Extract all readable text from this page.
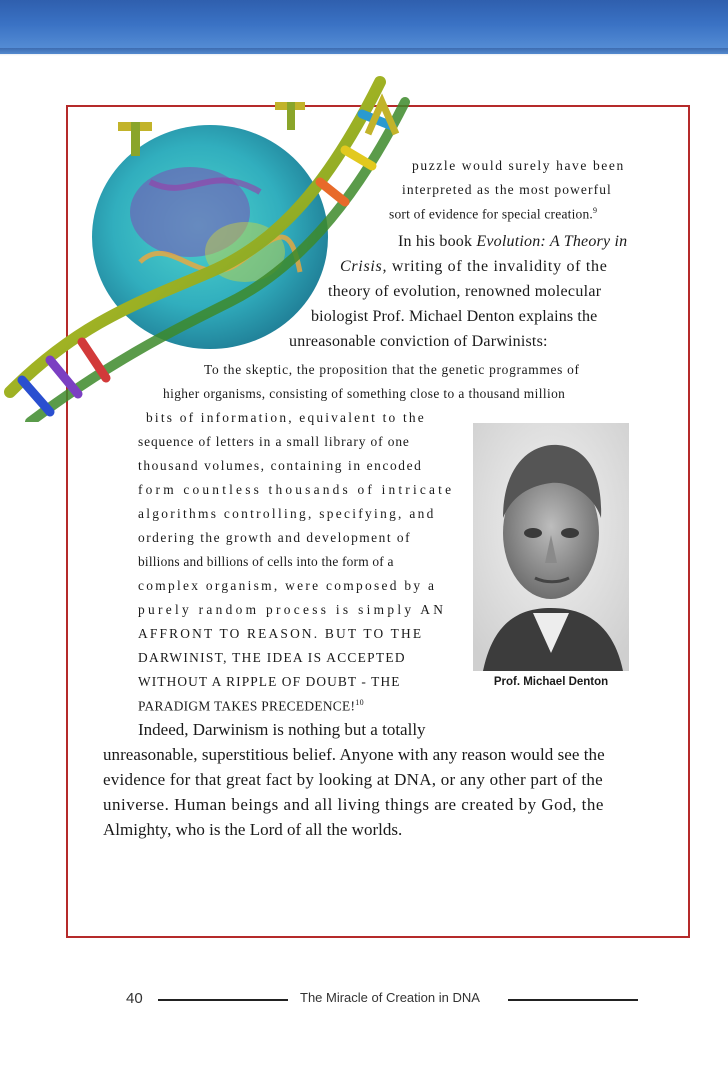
puzzle would surely have been
interpreted as the most powerful
sort of evidence for special creation.$^9$
In his book Evolution: A Theory in
Crisis, writing of the invalidity of the
theory of evolution, renowned molecular
biologist Prof. Michael Denton explains the
unreasonable conviction of Darwinists:
To the skeptic, the proposition that the genetic programmes of
higher organisms, consisting of something close to a thousand million
bits of information, equivalent to the
sequence of letters in a small library of one
thousand volumes, containing in encoded
form countless thousands of intricate
algorithms controlling, specifying, and
ordering the growth and development of
billions and billions of cells into the form of a
complex organism, were composed by a
purely random process is simply AN
AFFRONT TO REASON. BUT TO THE
DARWINIST, THE IDEA IS ACCEPTED
WITHOUT A RIPPLE OF DOUBT - THE
PARADIGM TAKES PRECEDENCE!$^{10}$
Prof. Michael Denton
Indeed, Darwinism is nothing but a totally
unreasonable, superstitious belief. Anyone with any reason would see the
evidence for that great fact by looking at DNA, or any other part of the
universe. Human beings and all living things are created by God, the
Almighty, who is the Lord of all the worlds.
40	The Miracle of Creation in DNA
